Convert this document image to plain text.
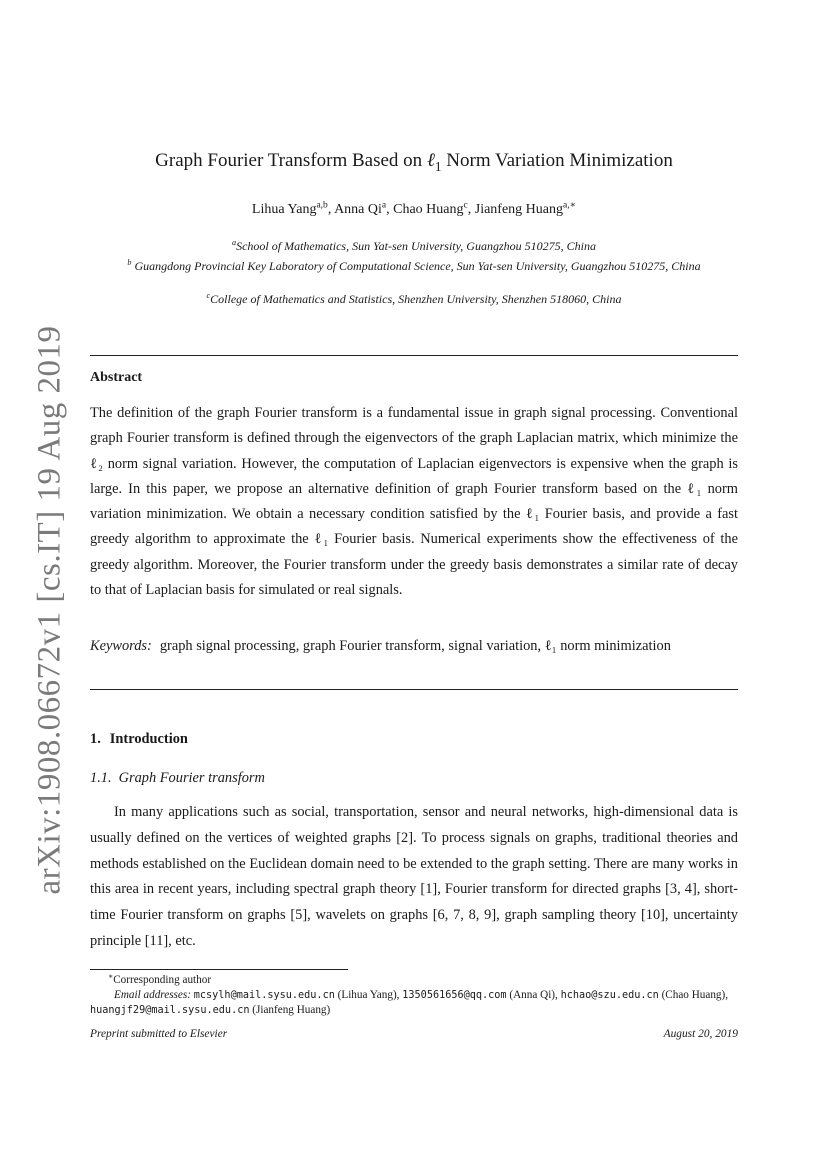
arXiv:1908.06672v1 [cs.IT] 19 Aug 2019
Graph Fourier Transform Based on ℓ$_1$ Norm Variation Minimization
Lihua Yang$^{a,b}$, Anna Qi$^a$, Chao Huang$^c$, Jianfeng Huang$^{a,∗}$
$^a$School of Mathematics, Sun Yat-sen University, Guangzhou 510275, China
$^b$ Guangdong Provincial Key Laboratory of Computational Science, Sun Yat-sen University, Guangzhou 510275, China
$^c$College of Mathematics and Statistics, Shenzhen University, Shenzhen 518060, China
Abstract

The definition of the graph Fourier transform is a fundamental issue in graph signal processing. Conventional graph Fourier transform is defined through the eigenvectors of the graph Laplacian matrix, which minimize the ℓ₂ norm signal variation. However, the computation of Laplacian eigenvectors is expensive when the graph is large. In this paper, we propose an alternative definition of graph Fourier transform based on the ℓ₁ norm variation minimization. We obtain a necessary condition satisfied by the ℓ₁ Fourier basis, and provide a fast greedy algorithm to approximate the ℓ₁ Fourier basis. Numerical experiments show the effectiveness of the greedy algorithm. Moreover, the Fourier transform under the greedy basis demonstrates a similar rate of decay to that of Laplacian basis for simulated or real signals.

Keywords: graph signal processing, graph Fourier transform, signal variation, ℓ₁ norm minimization

1. Introduction
1.1. Graph Fourier transform

In many applications such as social, transportation, sensor and neural networks, high-dimensional data is usually defined on the vertices of weighted graphs [2]. To process signals on graphs, traditional theories and methods established on the Euclidean domain need to be extended to the graph setting. There are many works in this area in recent years, including spectral graph theory [1], Fourier transform for directed graphs [3, 4], short-time Fourier transform on graphs [5], wavelets on graphs [6, 7, 8, 9], graph sampling theory [10], uncertainty principle [11], etc.

∗Corresponding author
Email addresses: mcsylh@mail.sysu.edu.cn (Lihua Yang), 1350561656@qq.com (Anna Qi), hchao@szu.edu.cn (Chao Huang), huangjf29@mail.sysu.edu.cn (Jianfeng Huang)
Preprint submitted to Elsevier	August 20, 2019
